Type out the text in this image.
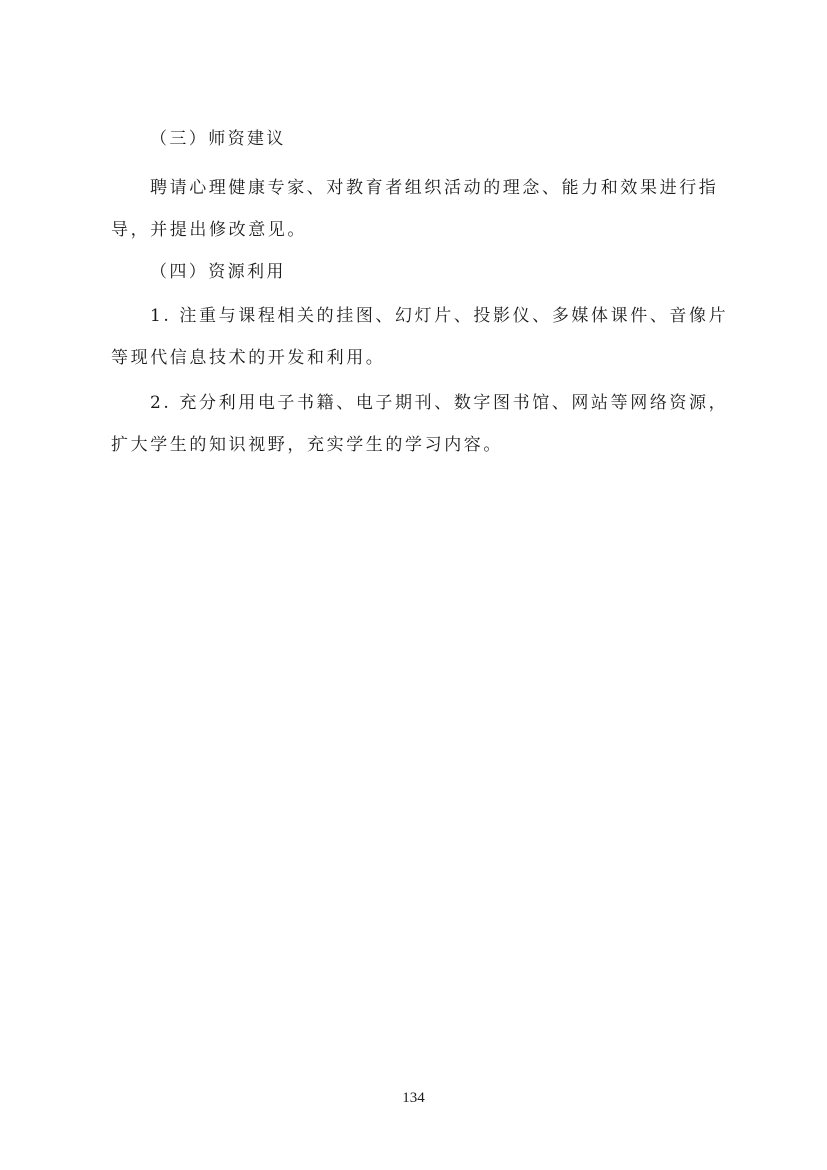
（三）师资建议
聘请心理健康专家、对教育者组织活动的理念、能力和效果进行指
导，并提出修改意见。
（四）资源利用
1. 注重与课程相关的挂图、幻灯片、投影仪、多媒体课件、音像片
等现代信息技术的开发和利用。
2. 充分利用电子书籍、电子期刊、数字图书馆、网站等网络资源，
扩大学生的知识视野，充实学生的学习内容。
134
